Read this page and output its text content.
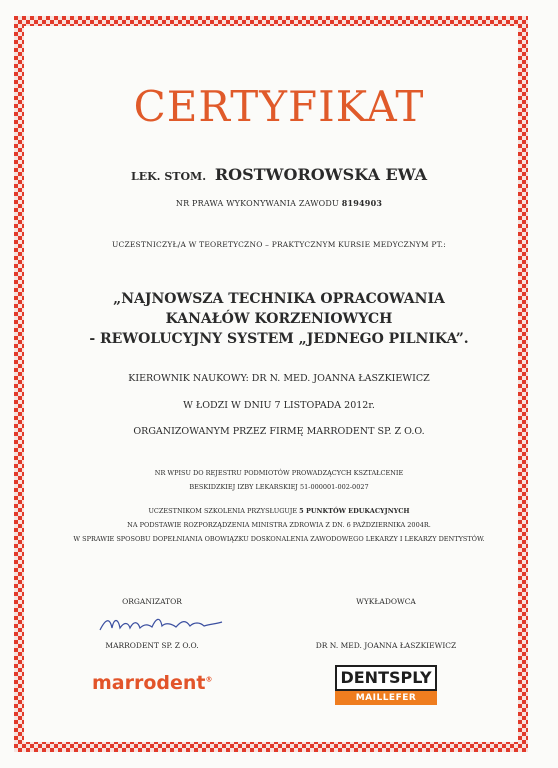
CERTYFIKAT
LEK. STOM. ROSTWOROWSKA EWA
NR PRAWA WYKONYWANIA ZAWODU 8194903
UCZESTNICZYŁ/A W TEORETYCZNO – PRAKTYCZNYM KURSIE MEDYCZNYM PT.:
„NAJNOWSZA TECHNIKA OPRACOWANIA
KANAŁÓW KORZENIOWYCH
- REWOLUCYJNY SYSTEM „JEDNEGO PILNIKA”.
KIEROWNIK NAUKOWY: DR N. MED. JOANNA ŁASZKIEWICZ
W ŁODZI W DNIU 7 LISTOPADA 2012r.
ORGANIZOWANYM PRZEZ FIRMĘ MARRODENT SP. Z O.O.
NR WPISU DO REJESTRU PODMIOTÓW PROWADZĄCYCH KSZTAŁCENIE
BESKIDZKIEJ IZBY LEKARSKIEJ 51-000001-002-0027
UCZESTNIKOM SZKOLENIA PRZYSŁUGUJE 5 PUNKTÓW EDUKACYJNYCH
NA PODSTAWIE ROZPORZĄDZENIA MINISTRA ZDROWIA Z DN. 6 PAŹDZIERNIKA 2004R.
W SPRAWIE SPOSOBU DOPEŁNIANIA OBOWIĄZKU DOSKONALENIA ZAWODOWEGO LEKARZY I LEKARZY DENTYSTÓW.
ORGANIZATOR
MARRODENT SP. Z O.O.
WYKŁADOWCA
DR N. MED. JOANNA ŁASZKIEWICZ
marrodent®	DENTSPLY
MAILLEFER
